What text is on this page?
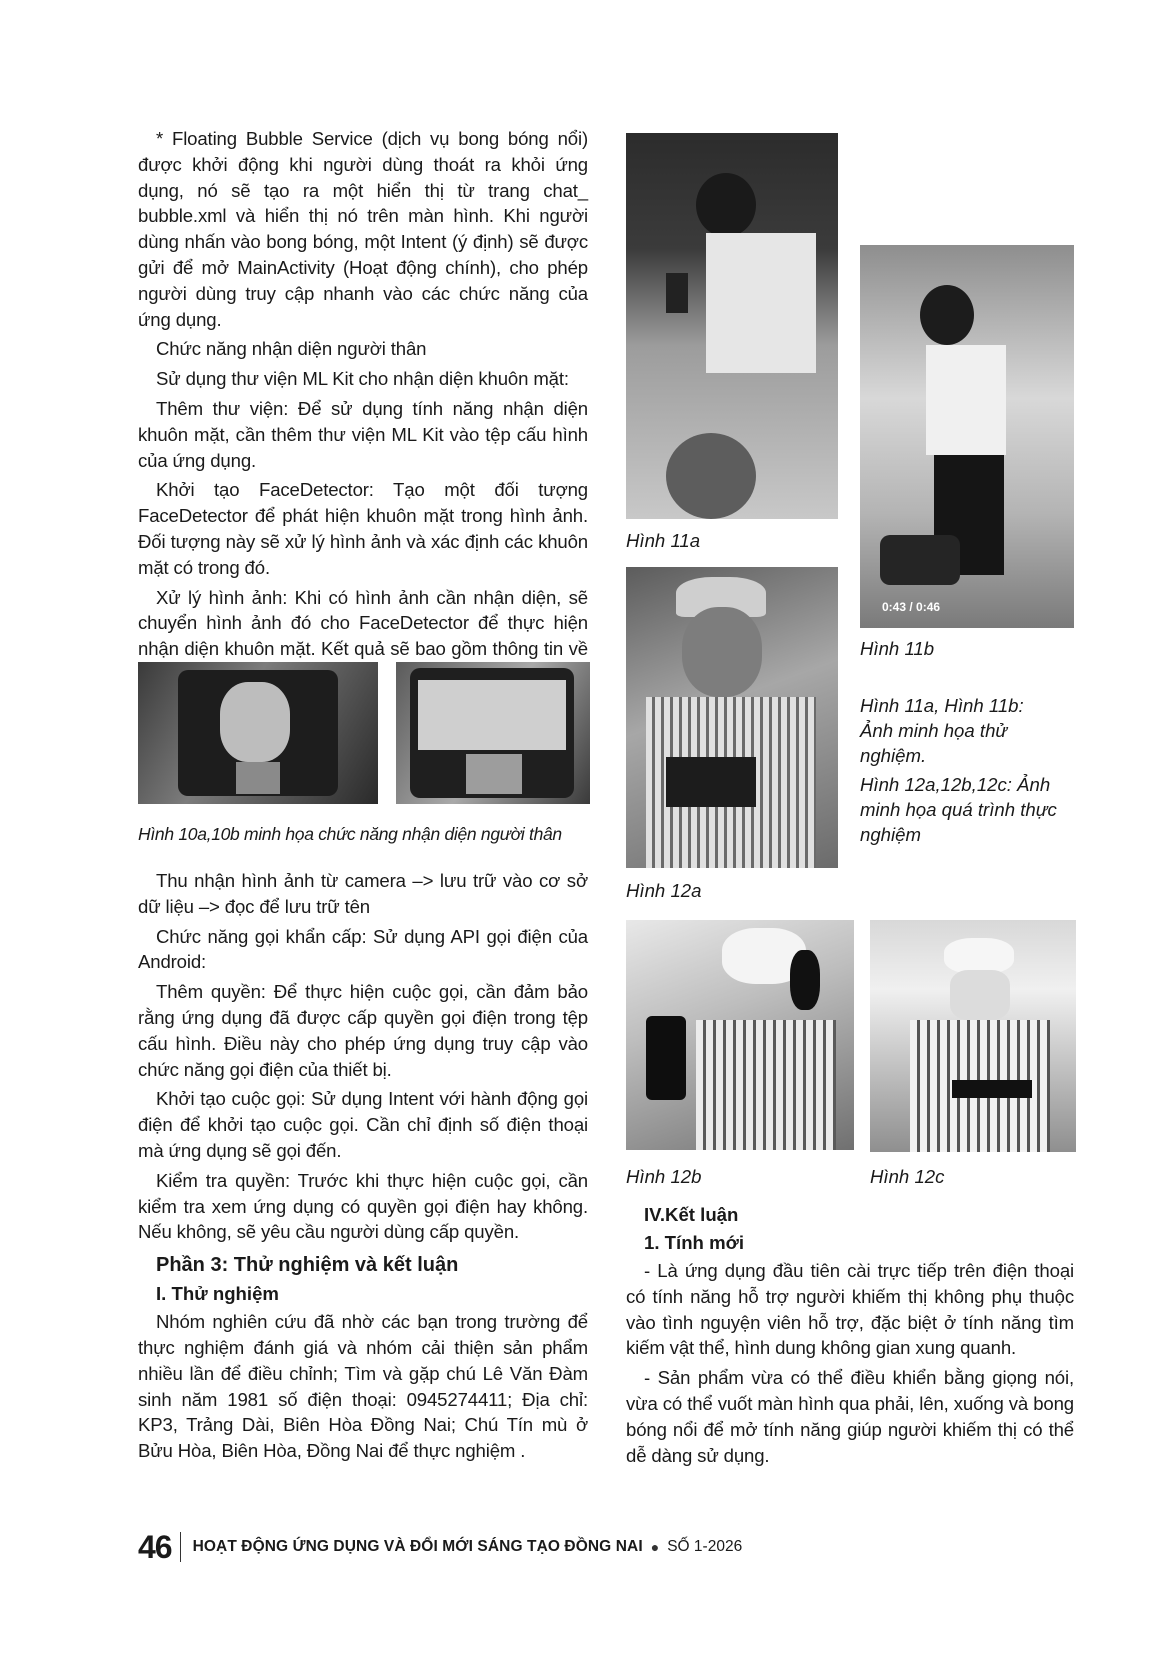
* Floating Bubble Service (dịch vụ bong bóng nổi) được khởi động khi người dùng thoát ra khỏi ứng dụng, nó sẽ tạo ra một hiển thị từ trang chat_ bubble.xml và hiển thị nó trên màn hình. Khi người dùng nhấn vào bong bóng, một Intent (ý định) sẽ được gửi để mở MainActivity (Hoạt động chính), cho phép người dùng truy cập nhanh vào các chức năng của ứng dụng.

Chức năng nhận diện người thân

Sử dụng thư viện ML Kit cho nhận diện khuôn mặt:

Thêm thư viện: Để sử dụng tính năng nhận diện khuôn mặt, cần thêm thư viện ML Kit vào tệp cấu hình của ứng dụng.

Khởi tạo FaceDetector: Tạo một đối tượng FaceDetector để phát hiện khuôn mặt trong hình ảnh. Đối tượng này sẽ xử lý hình ảnh và xác định các khuôn mặt có trong đó.

Xử lý hình ảnh: Khi có hình ảnh cần nhận diện, sẽ chuyển hình ảnh đó cho FaceDetector để thực hiện nhận diện khuôn mặt. Kết quả sẽ bao gồm thông tin về

Hình 10a,10b minh họa chức năng nhận diện người thân

Thu nhận hình ảnh từ camera –> lưu trữ vào cơ sở dữ liệu –> đọc để lưu trữ tên

Chức năng gọi khẩn cấp: Sử dụng API gọi điện của Android:

Thêm quyền: Để thực hiện cuộc gọi, cần đảm bảo rằng ứng dụng đã được cấp quyền gọi điện trong tệp cấu hình. Điều này cho phép ứng dụng truy cập vào chức năng gọi điện của thiết bị.

Khởi tạo cuộc gọi: Sử dụng Intent với hành động gọi điện để khởi tạo cuộc gọi. Cần chỉ định số điện thoại mà ứng dụng sẽ gọi đến.

Kiểm tra quyền: Trước khi thực hiện cuộc gọi, cần kiểm tra xem ứng dụng có quyền gọi điện hay không. Nếu không, sẽ yêu cầu người dùng cấp quyền.

Phần 3: Thử nghiệm và kết luận
I. Thử nghiệm

Nhóm nghiên cứu đã nhờ các bạn trong trường để thực nghiệm đánh giá và nhóm cải thiện sản phẩm nhiều lần để điều chỉnh; Tìm và gặp chú Lê Văn Đàm sinh năm 1981 số điện thoại: 0945274411; Địa chỉ: KP3, Trảng Dài, Biên Hòa Đồng Nai; Chú Tín mù ở Bửu Hòa, Biên Hòa, Đồng Nai để thực nghiệm .

Hình 11a
0:43 / 0:46
Hình 11b
Hình 11a, Hình 11b: Ảnh minh họa thử nghiệm.
Hình 12a,12b,12c: Ảnh minh họa quá trình thực nghiệm
Hình 12a
Hình 12b	Hình 12c
IV.Kết luận
1. Tính mới

- Là ứng dụng đầu tiên cài trực tiếp trên điện thoại có tính năng hỗ trợ người khiếm thị không phụ thuộc vào tình nguyện viên hỗ trợ, đặc biệt ở tính năng tìm kiếm vật thể, hình dung không gian xung quanh.

- Sản phẩm vừa có thể điều khiển bằng giọng nói, vừa có thể vuốt màn hình qua phải, lên, xuống và bong bóng nổi để mở tính năng giúp người khiếm thị có thể dễ dàng sử dụng.

46 HOẠT ĐỘNG ỨNG DỤNG VÀ ĐỔI MỚI SÁNG TẠO ĐỒNG NAI ● SỐ 1-2026
